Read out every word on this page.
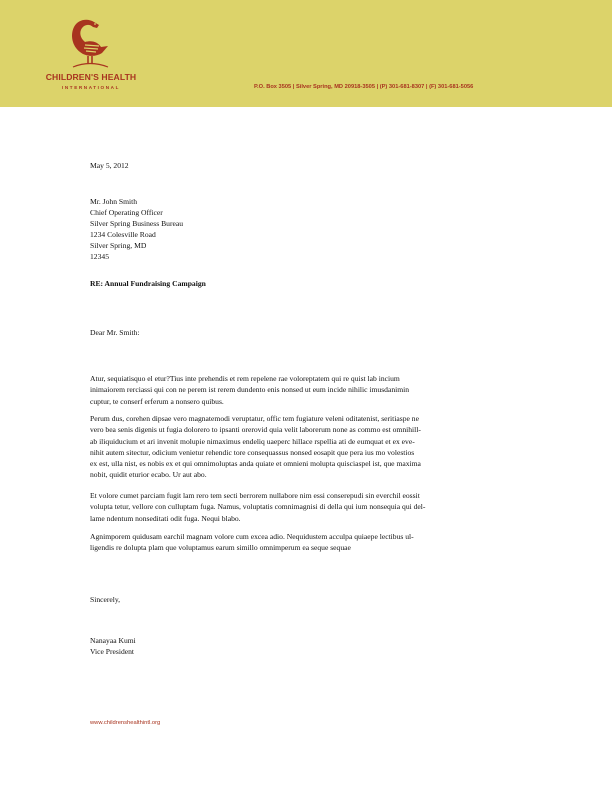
CHILDREN'S HEALTH
INTERNATIONAL	P.O. Box 3505 | Silver Spring, MD 20918-3505 | (P) 301-681-8307 | (F) 301-681-5056
May 5, 2012
Mr. John Smith
Chief Operating Officer
Silver Spring Business Bureau
1234 Colesville Road
Silver Spring, MD
12345
RE: Annual Fundraising Campaign
Dear Mr. Smith:
Atur, sequiatisquo el etur?Tius inte prehendis et rem repelene rae voloreptatem qui re quist lab incium
inimaiorem rerciassi qui con ne perem ist rerem dundento enis nonsed ut eum incide nihilic imusdanimin
cuptur, te conserf erferum a nonsero quibus.
Perum dus, corehen dipsae vero magnatemodi veruptatur, offic tem fugiature veleni oditatenist, seritiaspe ne
vero bea senis digenis ut fugia dolorero to ipsanti orerovid quia velit laborerum none as commo est omnihill-
ab iliquiducium et ari invenit molupie nimaximus endeliq uaeperc hillace rspellia ati de eumquat et ex eve-
nihit autem sitectur, odicium venietur rehendic tore consequassus nonsed eosapit que pera ius mo volestios
ex est, ulla nist, es nobis ex et qui omnimoluptas anda quiate et omnieni molupta quisciaspel ist, que maxima
nobit, quidit eturior ecabo. Ur aut abo.
Et volore cumet parciam fugit lam rero tem secti berrorem nullabore nim essi conserepudi sin everchil eossit
volupta tetur, vellore con culluptam fuga. Namus, voluptatis comnimagnisi di della qui ium nonsequia qui del-
lame ndentum nonseditati odit fuga. Nequi blabo.
Agnimporem quidusam earchil magnam volore cum excea adio. Nequidustem acculpa quiaepe lectibus ul-
ligendis re dolupta plam que voluptamus earum simillo omnimperum ea seque sequae
Sincerely,
Nanayaa Kumi
Vice President
www.childrenshealthintl.org
